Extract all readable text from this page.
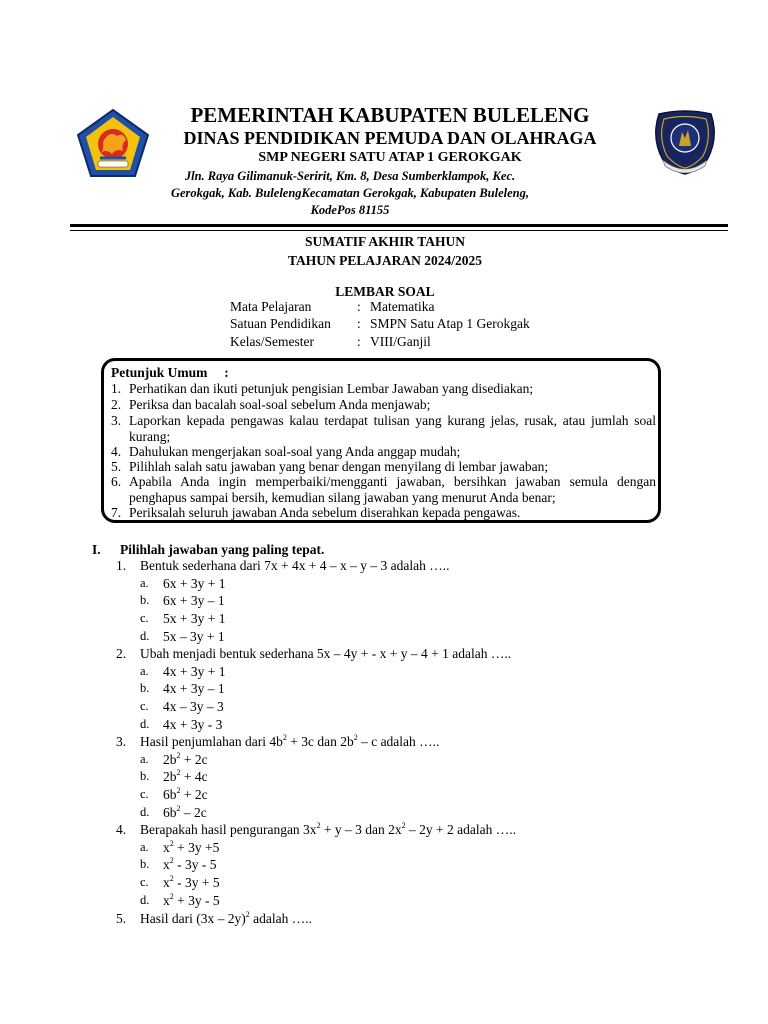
PEMERINTAH KABUPATEN BULELENG
DINAS PENDIDIKAN PEMUDA DAN OLAHRAGA
SMP NEGERI SATU ATAP 1 GEROKGAK
Jln. Raya Gilimanuk-Seririt, Km. 8, Desa Sumberklampok, Kec.
Gerokgak, Kab. BulelengKecamatan Gerokgak, Kabupaten Buleleng,
KodePos 81155
SUMATIF AKHIR TAHUN
TAHUN PELAJARAN 2024/2025
LEMBAR SOAL
Mata Pelajaran	: Matematika
Satuan Pendidikan : SMPN Satu Atap 1 Gerokgak
Kelas/Semester	: VIII/Ganjil
Petunjuk Umum     :
1. Perhatikan dan ikuti petunjuk pengisian Lembar Jawaban yang disediakan;
2. Periksa dan bacalah soal-soal sebelum Anda menjawab;
3. Laporkan kepada pengawas kalau terdapat tulisan yang kurang jelas, rusak, atau jumlah soal kurang;
4. Dahulukan mengerjakan soal-soal yang Anda anggap mudah;
5. Pilihlah salah satu jawaban yang benar dengan menyilang di lembar jawaban;
6. Apabila Anda ingin memperbaiki/mengganti jawaban, bersihkan jawaban semula dengan penghapus sampai bersih, kemudian silang jawaban yang menurut Anda benar;
7. Periksalah seluruh jawaban Anda sebelum diserahkan kepada pengawas.
I. Pilihlah jawaban yang paling tepat.
1. Bentuk sederhana dari 7x + 4x + 4 – x – y – 3 adalah …..
a. 6x + 3y + 1
b. 6x + 3y – 1
c. 5x + 3y + 1
d. 5x – 3y + 1
2. Ubah menjadi bentuk sederhana 5x – 4y + - x + y – 4 + 1 adalah …..
a. 4x + 3y + 1
b. 4x + 3y – 1
c. 4x – 3y – 3
d. 4x + 3y - 3
3. Hasil penjumlahan dari $4b^2 + 3c$ dan $2b^2$ – c adalah …..
a. $2b^2 + 2c$
b. $2b^2 + 4c$
c. $6b^2 + 2c$
d. $6b^2 - 2c$
4. Berapakah hasil pengurangan $3x^2 + y - 3$ dan $2x^2 - 2y + 2$ adalah …..
a. $x^2 + 3y +5$
b. $x^2 - 3y - 5$
c. $x^2 - 3y + 5$
d. $x^2 + 3y - 5$
5. Hasil dari (3x – 2y)$^2$ adalah …..
